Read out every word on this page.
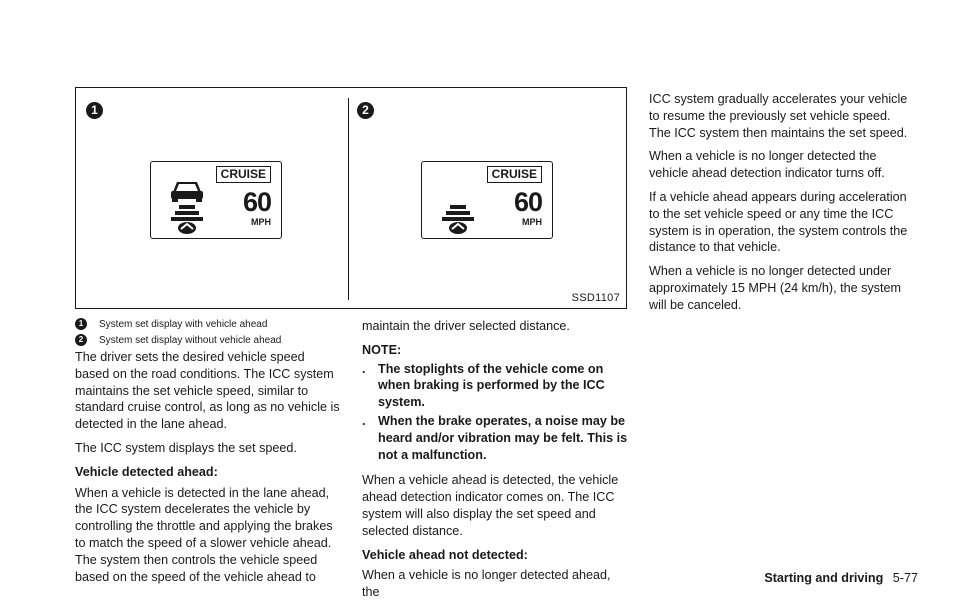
1	2
CRUISE
60
MPH
CRUISE
60
MPH
SSD1107
1	System set display with vehicle ahead
2	System set display without vehicle ahead

The driver sets the desired vehicle speed based on the road conditions. The ICC system maintains the set vehicle speed, similar to standard cruise control, as long as no vehicle is detected in the lane ahead.

The ICC system displays the set speed.

Vehicle detected ahead:

When a vehicle is detected in the lane ahead, the ICC system decelerates the vehicle by controlling the throttle and applying the brakes to match the speed of a slower vehicle ahead. The system then controls the vehicle speed based on the speed of the vehicle ahead to

maintain the driver selected distance.

NOTE:

. The stoplights of the vehicle come on when braking is performed by the ICC system.
. When the brake operates, a noise may be heard and/or vibration may be felt. This is not a malfunction.

When a vehicle ahead is detected, the vehicle ahead detection indicator comes on. The ICC system will also display the set speed and selected distance.

Vehicle ahead not detected:

When a vehicle is no longer detected ahead, the

ICC system gradually accelerates your vehicle to resume the previously set vehicle speed. The ICC system then maintains the set speed.

When a vehicle is no longer detected the vehicle ahead detection indicator turns off.

If a vehicle ahead appears during acceleration to the set vehicle speed or any time the ICC system is in operation, the system controls the distance to that vehicle.

When a vehicle is no longer detected under approximately 15 MPH (24 km/h), the system will be canceled.

Starting and driving 5-77
